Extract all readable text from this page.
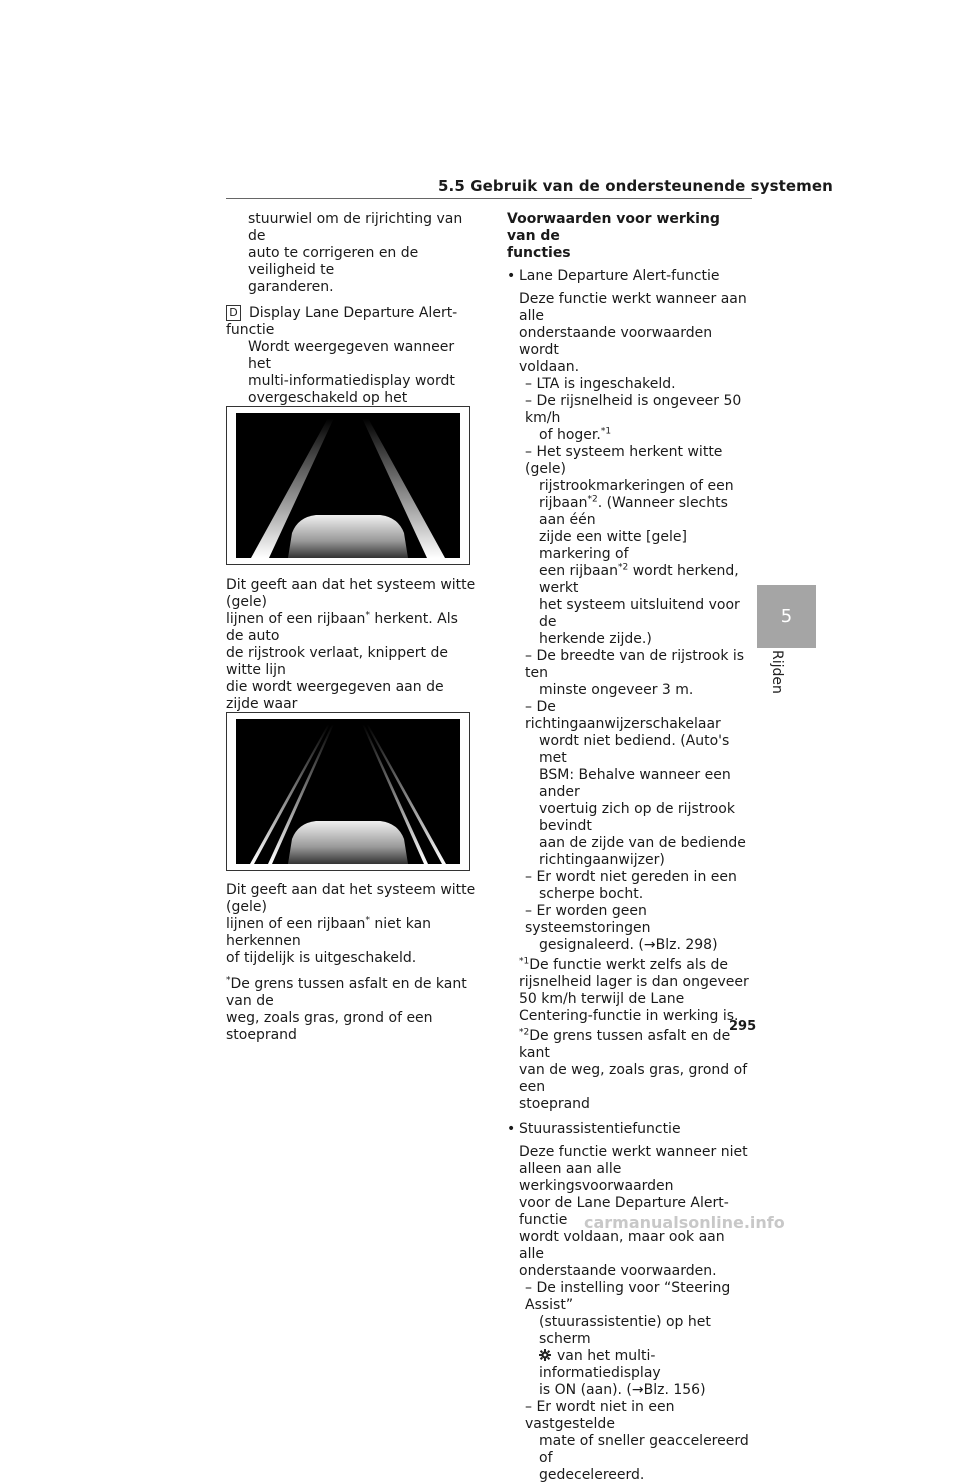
5.5 Gebruik van de ondersteunende systemen

stuurwiel om de rijrichting van de

auto te corrigeren en de veiligheid te

garanderen.

D Display Lane Departure Alert-functie

Wordt weergegeven wanneer het

multi-informatiedisplay wordt

overgeschakeld op het

Dit geeft aan dat het systeem witte (gele)

lijnen of een rijbaan* herkent. Als de auto

de rijstrook verlaat, knippert de witte lijn

die wordt weergegeven aan de zijde waar

Dit geeft aan dat het systeem witte (gele)

lijnen of een rijbaan* niet kan herkennen

of tijdelijk is uitgeschakeld.

*De grens tussen asfalt en de kant van de

weg, zoals gras, grond of een stoeprand

Voorwaarden voor werking van de

functies

• Lane Departure Alert-functie

Deze functie werkt wanneer aan alle

onderstaande voorwaarden wordt

voldaan.

– LTA is ingeschakeld.

– De rijsnelheid is ongeveer 50 km/h

of hoger.$^{*1}$

– Het systeem herkent witte (gele)

rijstrookmarkeringen of een

rijbaan$^{*2}$. (Wanneer slechts aan één

zijde een witte [gele] markering of

een rijbaan$^{*2}$ wordt herkend, werkt

het systeem uitsluitend voor de

herkende zijde.)

– De breedte van de rijstrook is ten

minste ongeveer 3 m.

– De richtingaanwijzerschakelaar

wordt niet bediend. (Auto's met

BSM: Behalve wanneer een ander

voertuig zich op de rijstrook bevindt

aan de zijde van de bediende

richtingaanwijzer)

– Er wordt niet gereden in een

scherpe bocht.

– Er worden geen systeemstoringen

gesignaleerd. (→Blz. 298)

$^{*1}$De functie werkt zelfs als de

rijsnelheid lager is dan ongeveer

50 km/h terwijl de Lane

Centering-functie in werking is.

$^{*2}$De grens tussen asfalt en de kant

van de weg, zoals gras, grond of een

stoeprand

• Stuurassistentiefunctie

Deze functie werkt wanneer niet

alleen aan alle werkingsvoorwaarden

voor de Lane Departure Alert-functie

wordt voldaan, maar ook aan alle

onderstaande voorwaarden.

– De instelling voor “Steering Assist”

(stuurassistentie) op het scherm

van het multi-informatiedisplay

is ON (aan). (→Blz. 156)

– Er wordt niet in een vastgestelde

mate of sneller geaccelereerd of

gedecelereerd.

5
Rijden
295
carmanualsonline.info
